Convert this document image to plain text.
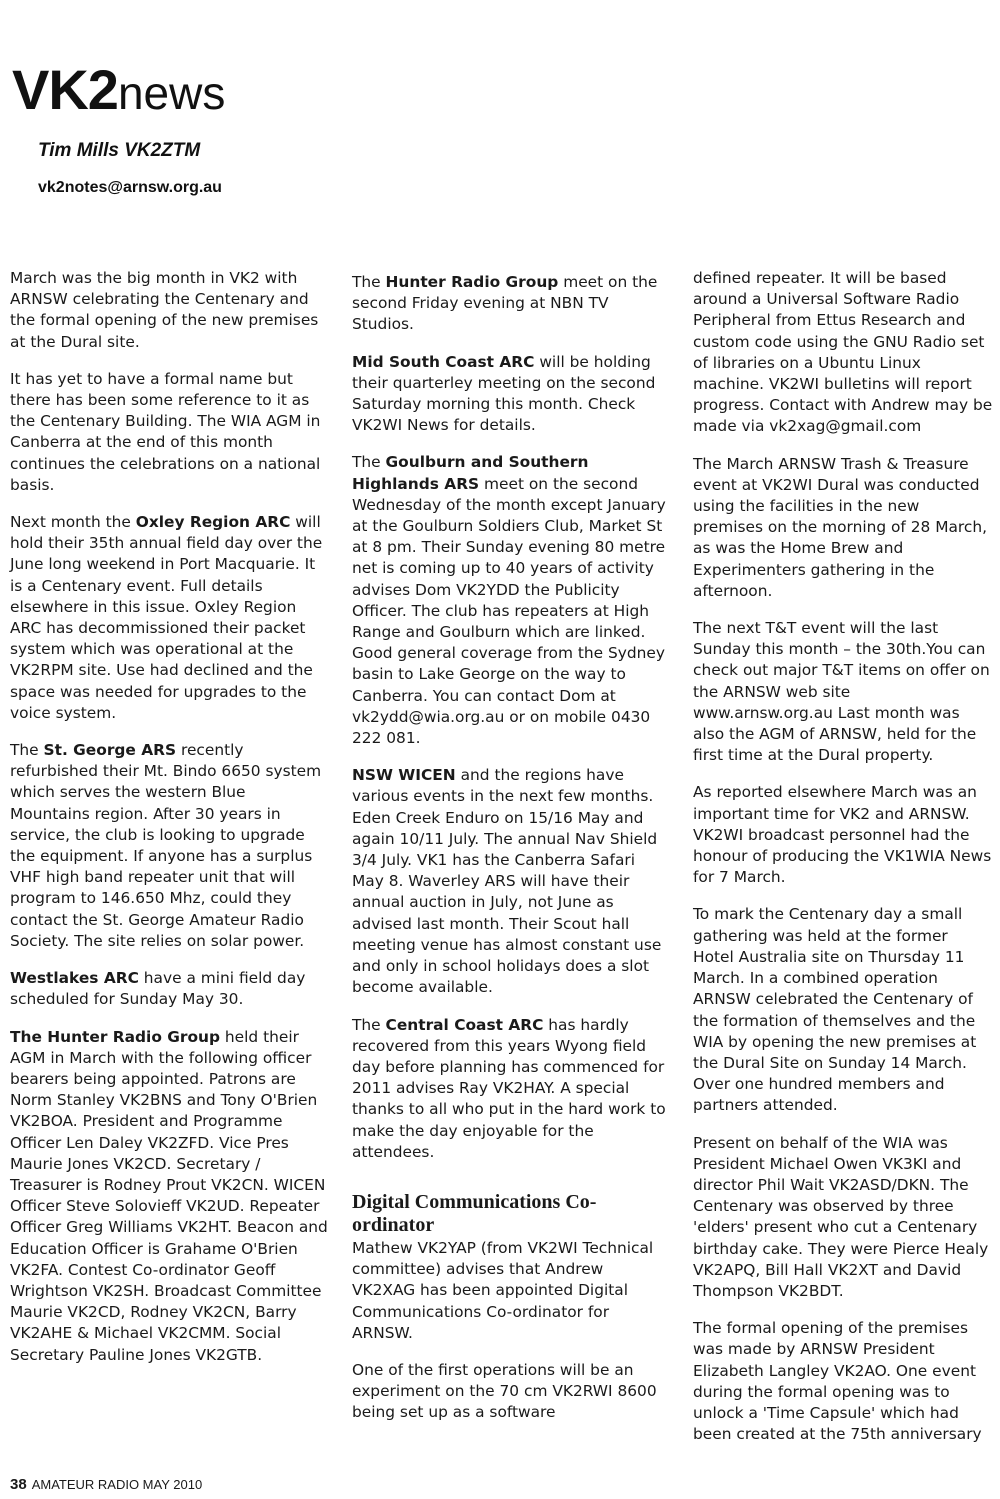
VK2news
Tim Mills VK2ZTM
vk2notes@arnsw.org.au

March was the big month in VK2 with ARNSW celebrating the Centenary and the formal opening of the new premises at the Dural site.

It has yet to have a formal name but there has been some reference to it as the Centenary Building. The WIA AGM in Canberra at the end of this month continues the celebrations on a national basis.

Next month the Oxley Region ARC will hold their 35th annual field day over the June long weekend in Port Macquarie. It is a Centenary event. Full details elsewhere in this issue. Oxley Region ARC has decommissioned their packet system which was operational at the VK2RPM site. Use had declined and the space was needed for upgrades to the voice system.

The St. George ARS recently refurbished their Mt. Bindo 6650 system which serves the western Blue Mountains region. After 30 years in service, the club is looking to upgrade the equipment. If anyone has a surplus VHF high band repeater unit that will program to 146.650 Mhz, could they contact the St. George Amateur Radio Society. The site relies on solar power.

Westlakes ARC have a mini field day scheduled for Sunday May 30.

The Hunter Radio Group held their AGM in March with the following officer bearers being appointed. Patrons are Norm Stanley VK2BNS and Tony O'Brien VK2BOA. President and Programme Officer Len Daley VK2ZFD. Vice Pres Maurie Jones VK2CD. Secretary / Treasurer is Rodney Prout VK2CN. WICEN Officer Steve Solovieff VK2UD. Repeater Officer Greg Williams VK2HT. Beacon and Education Officer is Grahame O'Brien VK2FA. Contest Co-ordinator Geoff Wrightson VK2SH. Broadcast Committee Maurie VK2CD, Rodney VK2CN, Barry VK2AHE & Michael VK2CMM. Social Secretary Pauline Jones VK2GTB.

The Hunter Radio Group meet on the second Friday evening at NBN TV Studios.

Mid South Coast ARC will be holding their quarterley meeting on the second Saturday morning this month. Check VK2WI News for details.

The Goulburn and Southern Highlands ARS meet on the second Wednesday of the month except January at the Goulburn Soldiers Club, Market St at 8 pm. Their Sunday evening 80 metre net is coming up to 40 years of activity advises Dom VK2YDD the Publicity Officer. The club has repeaters at High Range and Goulburn which are linked. Good general coverage from the Sydney basin to Lake George on the way to Canberra. You can contact Dom at vk2ydd@wia.org.au or on mobile 0430 222 081.

NSW WICEN and the regions have various events in the next few months. Eden Creek Enduro on 15/16 May and again 10/11 July. The annual Nav Shield 3/4 July. VK1 has the Canberra Safari May 8. Waverley ARS will have their annual auction in July, not June as advised last month. Their Scout hall meeting venue has almost constant use and only in school holidays does a slot become available.

The Central Coast ARC has hardly recovered from this years Wyong field day before planning has commenced for 2011 advises Ray VK2HAY. A special thanks to all who put in the hard work to make the day enjoyable for the attendees.

Digital Communications Co-ordinator

Mathew VK2YAP (from VK2WI Technical committee) advises that Andrew VK2XAG has been appointed Digital Communications Co-ordinator for ARNSW.

One of the first operations will be an experiment on the 70 cm VK2RWI 8600 being set up as a software

defined repeater. It will be based around a Universal Software Radio Peripheral from Ettus Research and custom code using the GNU Radio set of libraries on a Ubuntu Linux machine. VK2WI bulletins will report progress. Contact with Andrew may be made via vk2xag@gmail.com

The March ARNSW Trash & Treasure event at VK2WI Dural was conducted using the facilities in the new premises on the morning of 28 March, as was the Home Brew and Experimenters gathering in the afternoon.

The next T&T event will the last Sunday this month – the 30th.You can check out major T&T items on offer on the ARNSW web site www.arnsw.org.au Last month was also the AGM of ARNSW, held for the first time at the Dural property.

As reported elsewhere March was an important time for VK2 and ARNSW. VK2WI broadcast personnel had the honour of producing the VK1WIA News for 7 March.

To mark the Centenary day a small gathering was held at the former Hotel Australia site on Thursday 11 March. In a combined operation ARNSW celebrated the Centenary of the formation of themselves and the WIA by opening the new premises at the Dural Site on Sunday 14 March. Over one hundred members and partners attended.

Present on behalf of the WIA was President Michael Owen VK3KI and director Phil Wait VK2ASD/DKN. The Centenary was observed by three 'elders' present who cut a Centenary birthday cake. They were Pierce Healy VK2APQ, Bill Hall VK2XT and David Thompson VK2BDT.

The formal opening of the premises was made by ARNSW President Elizabeth Langley VK2AO. One event during the formal opening was to unlock a 'Time Capsule' which had been created at the 75th anniversary

38 AMATEUR RADIO MAY 2010
